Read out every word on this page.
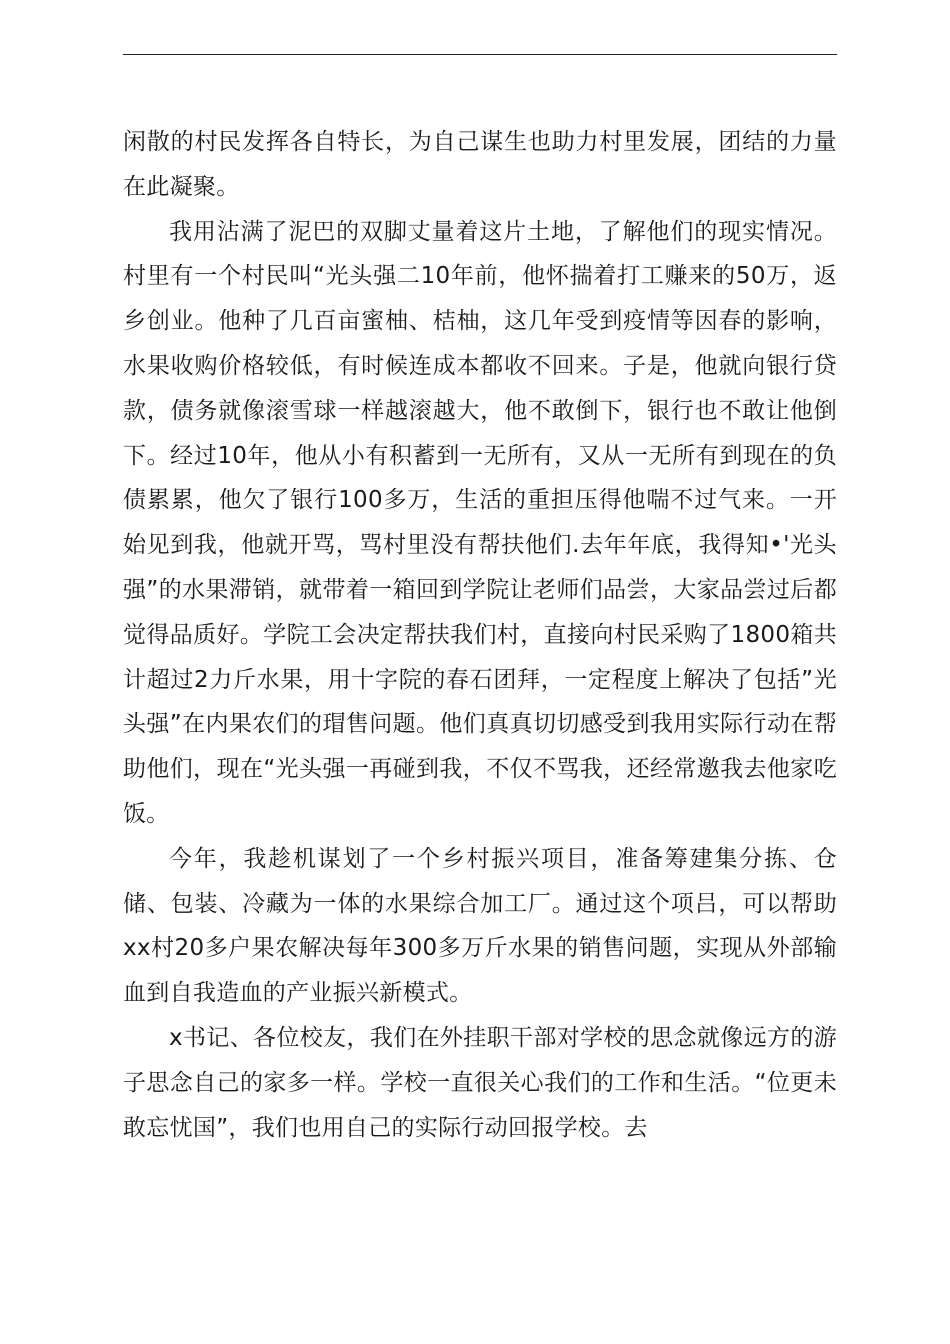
闲散的村民发挥各自特长，为自己谋生也助力村里发展，团结的力量在此凝聚。

我用沾满了泥巴的双脚丈量着这片土地，了解他们的现实情况。村里有一个村民叫“光头强二10年前，他怀揣着打工赚来的50万，返乡创业。他种了几百亩蜜柚、桔柚，这几年受到疫情等因春的影响，水果收购价格较低，有时候连成本都收不回来。子是，他就向银行贷款，债务就像滚雪球一样越滚越大，他不敢倒下，银行也不敢让他倒下。经过10年，他从小有积蓄到一无所有，又从一无所有到现在的负债累累，他欠了银行100多万，生活的重担压得他喘不过气来。一开始见到我，他就开骂，骂村里没有帮扶他们.去年年底，我得知•'光头强”的水果滞销，就带着一箱回到学院让老师们品尝，大家品尝过后都觉得品质好。学院工会决定帮扶我们村，直接向村民采购了1800箱共计超过2力斤水果，用十字院的春石团拜，一定程度上解决了包括”光头强”在内果农们的瑁售问题。他们真真切切感受到我用实际行动在帮助他们，现在“光头强一再碰到我，不仅不骂我，还经常邀我去他家吃饭。

今年，我趁机谋划了一个乡村振兴项目，准备筹建集分拣、仓储、包装、冷藏为一体的水果综合加工厂。通过这个项吕，可以帮助xx村20多户果农解决每年300多万斤水果的销售问题，实现从外部输血到自我造血的产业振兴新模式。

x书记、各位校友，我们在外挂职干部对学校的思念就像远方的游子思念自己的家多一样。学校一直很关心我们的工作和生活。“位更未敢忘忧国”，我们也用自己的实际行动回报学校。去
